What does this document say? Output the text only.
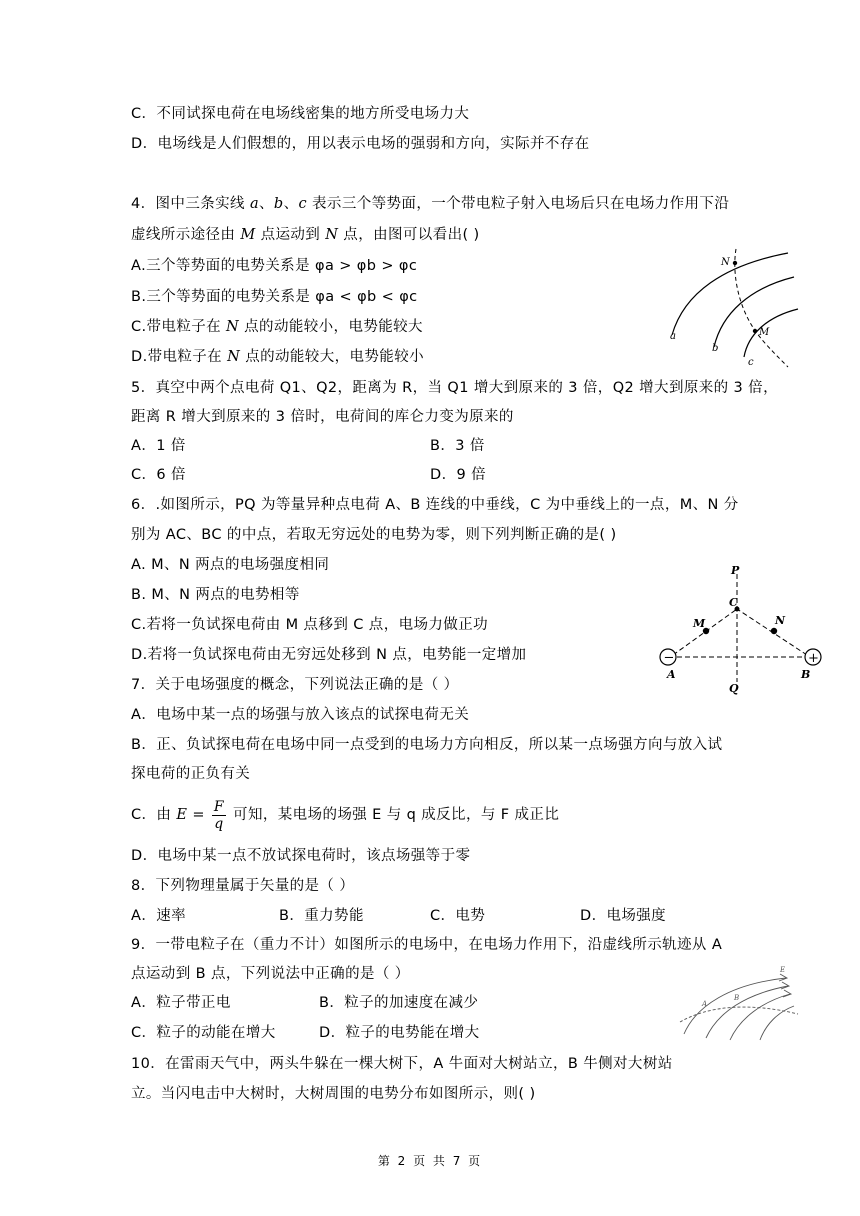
C．不同试探电荷在电场线密集的地方所受电场力大
D．电场线是人们假想的，用以表示电场的强弱和方向，实际并不存在
4．图中三条实线 a、b、c 表示三个等势面，一个带电粒子射入电场后只在电场力作用下沿
虚线所示途径由 M 点运动到 N 点，由图可以看出( )
A.三个等势面的电势关系是 φa > φb > φc
B.三个等势面的电势关系是 φa < φb < φc
C.带电粒子在 N 点的动能较小，电势能较大
D.带电粒子在 N 点的动能较大，电势能较小
N
M
a
b
c
5．真空中两个点电荷 Q1、Q2，距离为 R，当 Q1 增大到原来的 3 倍，Q2 增大到原来的 3 倍，
距离 R 增大到原来的 3 倍时，电荷间的库仑力变为原来的
A．1 倍	B．3 倍
C．6 倍	D．9 倍
6．.如图所示，PQ 为等量异种点电荷 A、B 连线的中垂线，C 为中垂线上的一点，M、N 分
别为 AC、BC 的中点，若取无穷远处的电势为零，则下列判断正确的是( )
A. M、N 两点的电场强度相同
B. M、N 两点的电势相等
C.若将一负试探电荷由 M 点移到 C 点，电场力做正功
D.若将一负试探电荷由无穷远处移到 N 点，电势能一定增加	−	+
P
C
M	N
A	B
Q
7．关于电场强度的概念，下列说法正确的是（ ）
A．电场中某一点的场强与放入该点的试探电荷无关
B．正、负试探电荷在电场中同一点受到的电场力方向相反，所以某一点场强方向与放入试
探电荷的正负有关
C．由 $E = \frac{F}{q}$ 可知，某电场的场强 E 与 q 成反比，与 F 成正比
D．电场中某一点不放试探电荷时，该点场强等于零
8．下列物理量属于矢量的是（ ）
A．速率	B．重力势能	C．电势	D．电场强度
9．一带电粒子在（重力不计）如图所示的电场中，在电场力作用下，沿虚线所示轨迹从 A
点运动到 B 点，下列说法中正确的是（ ）
A．粒子带正电	B．粒子的加速度在减少
C．粒子的动能在增大	D．粒子的电势能在增大
E
A
B
10．在雷雨天气中，两头牛躲在一棵大树下，A 牛面对大树站立，B 牛侧对大树站
立。当闪电击中大树时，大树周围的电势分布如图所示，则( )
第 2 页 共 7 页
